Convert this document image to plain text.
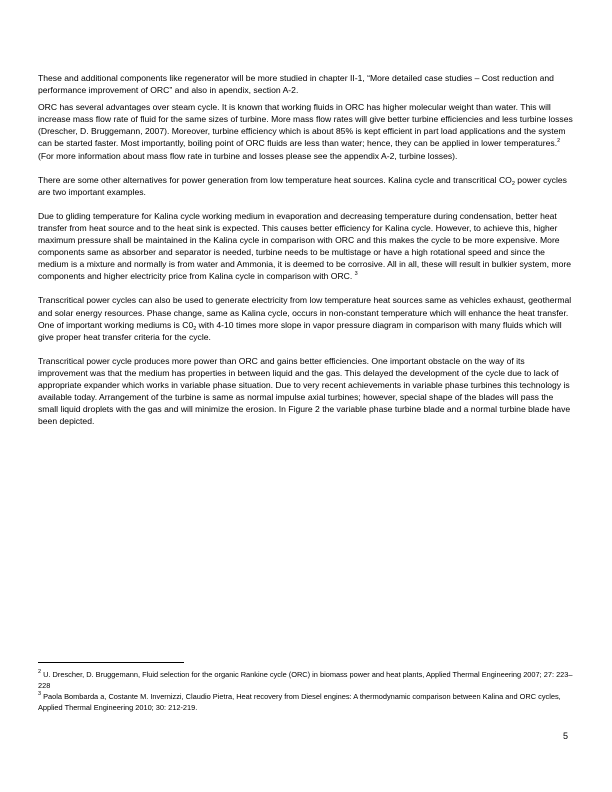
These and additional components like regenerator will be more studied in chapter II-1, “More detailed case studies – Cost reduction and performance improvement of ORC” and also in apendix, section A-2.

ORC has several advantages over steam cycle. It is known that working fluids in ORC has higher molecular weight than water. This will increase mass flow rate of fluid for the same sizes of turbine. More mass flow rates will give better turbine efficiencies and less turbine losses (Drescher, D. Bruggemann, 2007). Moreover, turbine efficiency which is about 85% is kept efficient in part load applications and the system can be started faster. Most importantly, boiling point of ORC fluids are less than water; hence, they can be applied in lower temperatures.$^2$ (For more information about mass flow rate in turbine and losses please see the appendix A-2, turbine losses).

There are some other alternatives for power generation from low temperature heat sources. Kalina cycle and transcritical $CO_2$ power cycles are two important examples.

Due to gliding temperature for Kalina cycle working medium in evaporation and decreasing temperature during condensation, better heat transfer from heat source and to the heat sink is expected. This causes better efficiency for Kalina cycle. However, to achieve this, higher maximum pressure shall be maintained in the Kalina cycle in comparison with ORC and this makes the cycle to be more expensive. More components same as absorber and separator is needed, turbine needs to be multistage or have a high rotational speed and since the medium is a mixture and normally is from water and Ammonia, it is deemed to be corrosive. All in all, these will result in bulkier system, more components and higher electricity price from Kalina cycle in comparison with ORC. $^3$

Transcritical power cycles can also be used to generate electricity from low temperature heat sources same as vehicles exhaust, geothermal and solar energy resources. Phase change, same as Kalina cycle, occurs in non-constant temperature which will enhance the heat transfer. One of important working mediums is $C0_2$ with 4-10 times more slope in vapor pressure diagram in comparison with many fluids which will give proper heat transfer criteria for the cycle.

Transcritical power cycle produces more power than ORC and gains better efficiencies. One important obstacle on the way of its improvement was that the medium has properties in between liquid and the gas. This delayed the development of the cycle due to lack of appropriate expander which works in variable phase situation. Due to very recent achievements in variable phase turbines this technology is available today. Arrangement of the turbine is same as normal impulse axial turbines; however, special shape of the blades will pass the small liquid droplets with the gas and will minimize the erosion. In Figure 2 the variable phase turbine blade and a normal turbine blade have been depicted.

$^2$ U. Drescher, D. Bruggemann, Fluid selection for the organic Rankine cycle (ORC) in biomass power and heat plants, Applied Thermal Engineering 2007; 27: 223–228

$^3$ Paola Bombarda a, Costante M. Invernizzi, Claudio Pietra, Heat recovery from Diesel engines: A thermodynamic comparison between Kalina and ORC cycles, Applied Thermal Engineering 2010; 30: 212-219.

5
